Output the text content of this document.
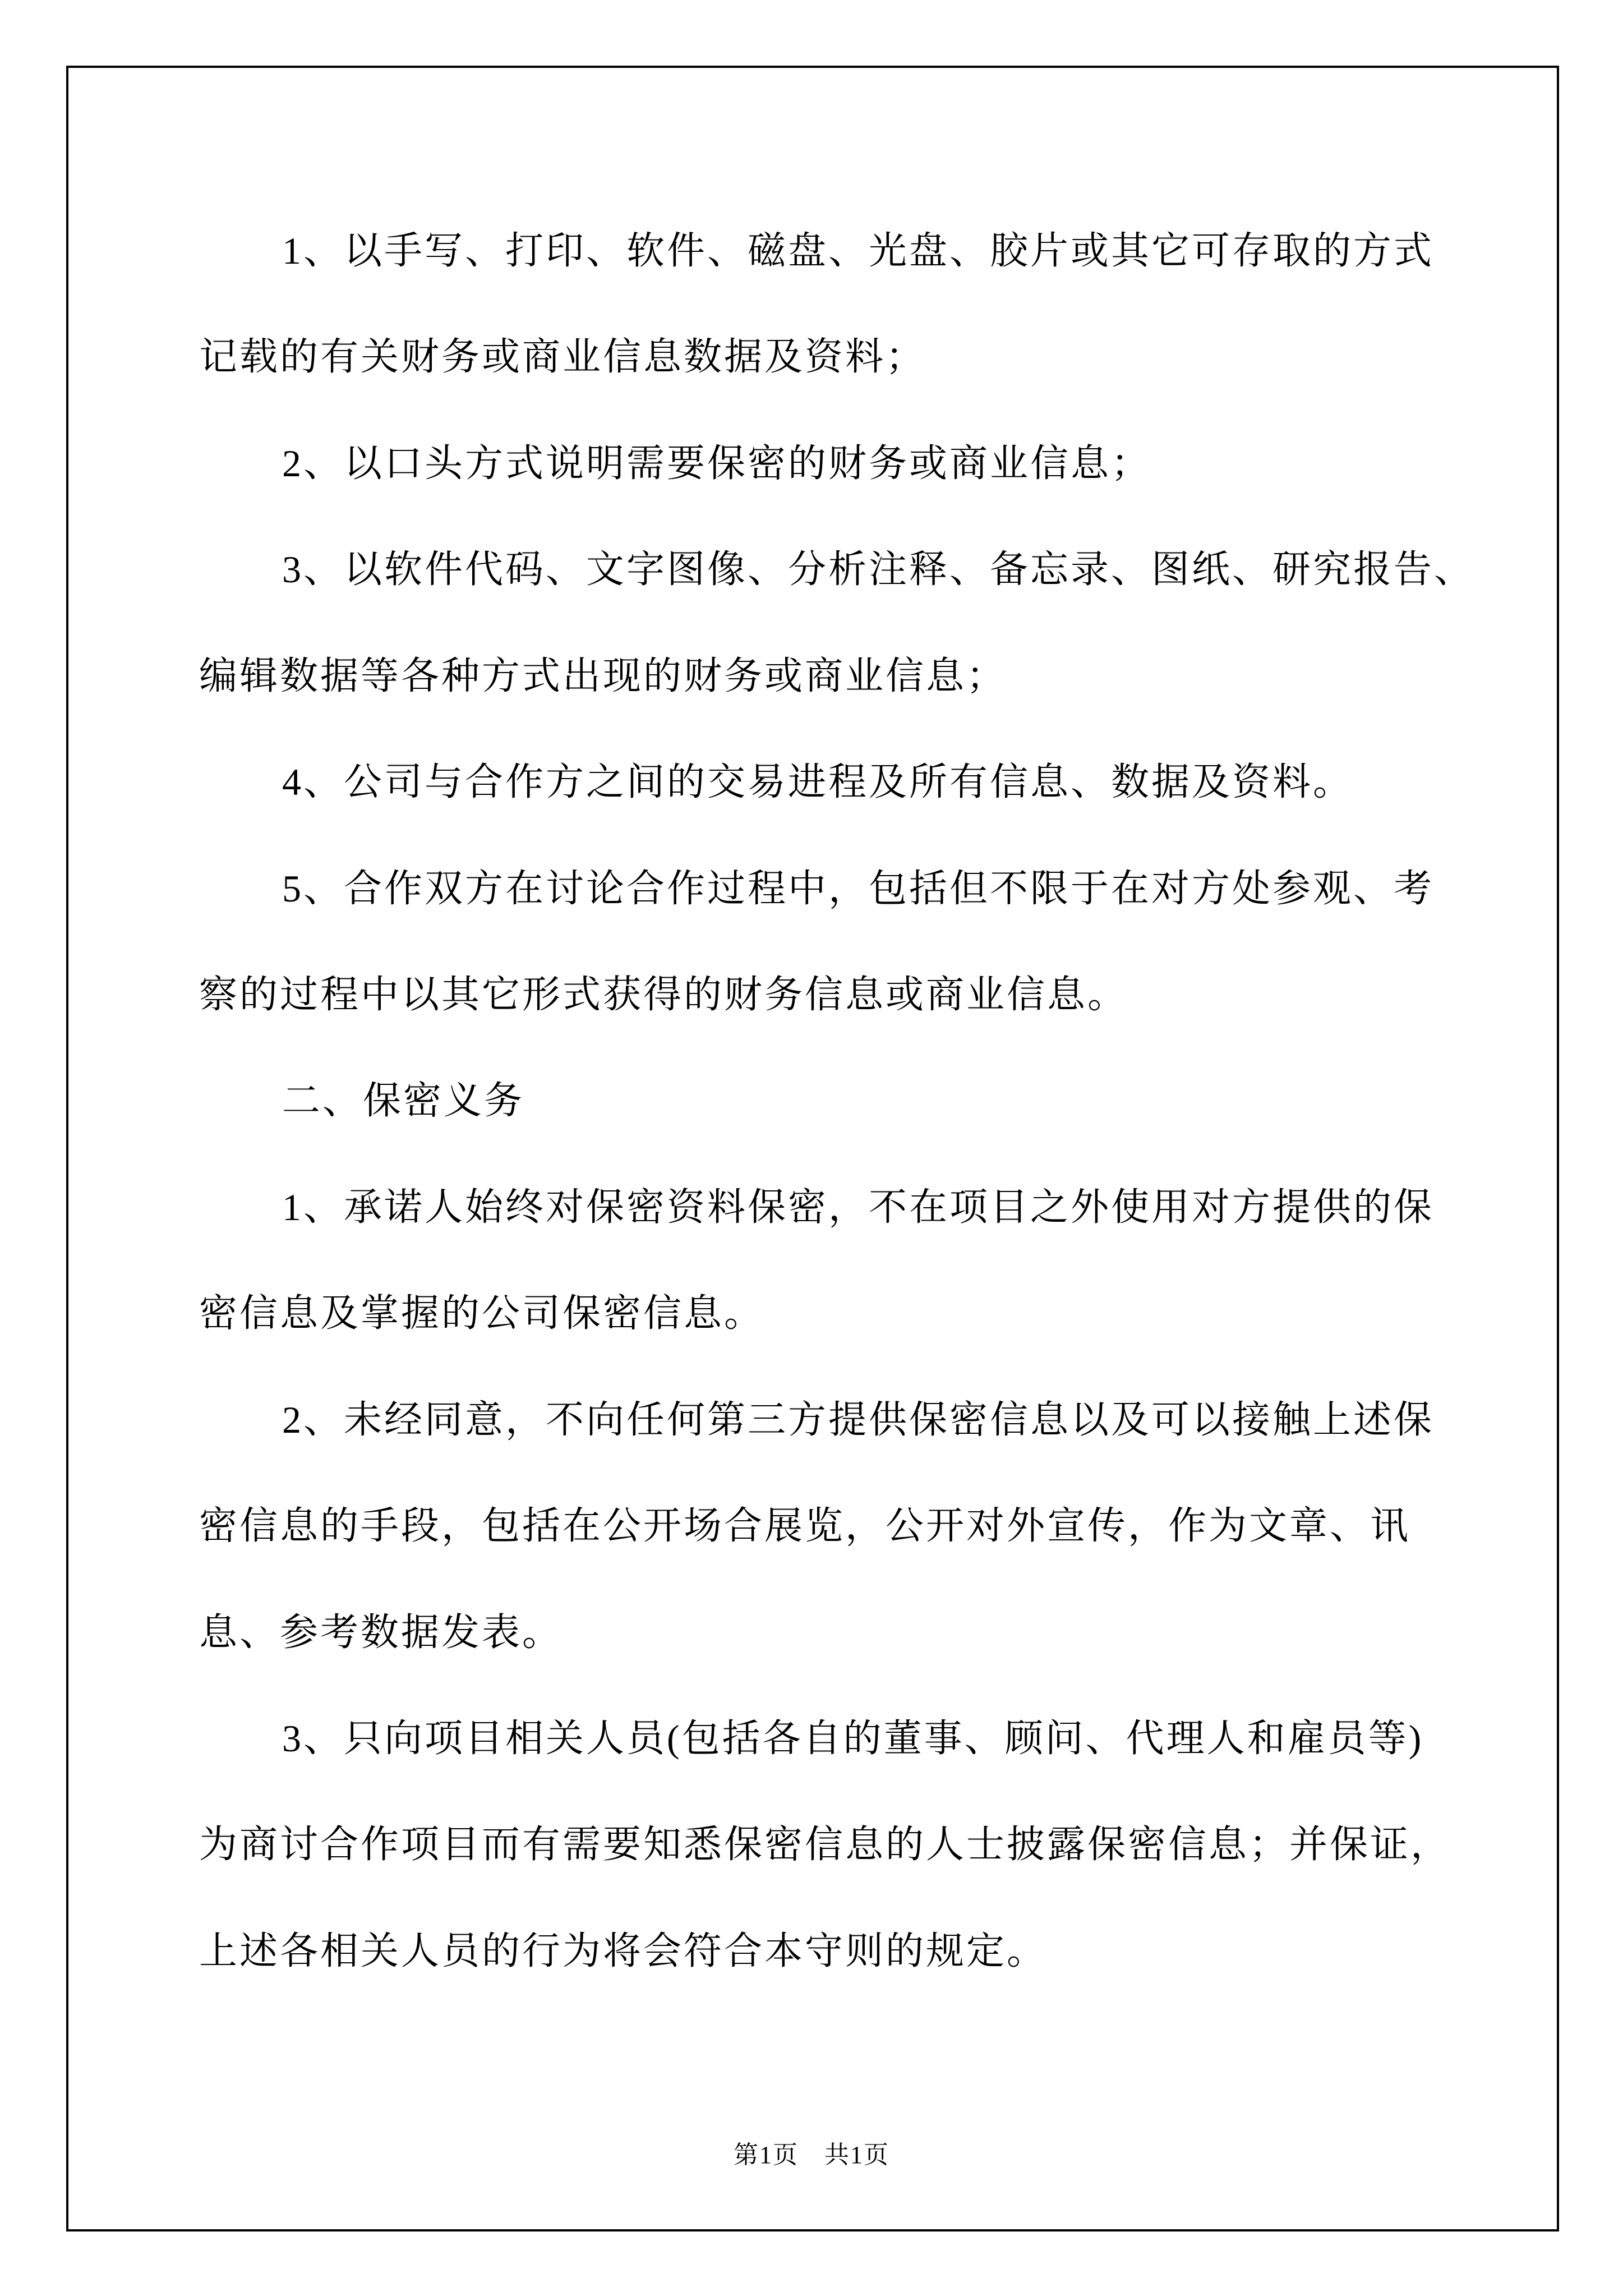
1、以手写、打印、软件、磁盘、光盘、胶片或其它可存取的方式
记载的有关财务或商业信息数据及资料；
2、以口头方式说明需要保密的财务或商业信息；
3、以软件代码、文字图像、分析注释、备忘录、图纸、研究报告、
编辑数据等各种方式出现的财务或商业信息；
4、公司与合作方之间的交易进程及所有信息、数据及资料。
5、合作双方在讨论合作过程中，包括但不限于在对方处参观、考
察的过程中以其它形式获得的财务信息或商业信息。
二、保密义务
1、承诺人始终对保密资料保密，不在项目之外使用对方提供的保
密信息及掌握的公司保密信息。
2、未经同意，不向任何第三方提供保密信息以及可以接触上述保
密信息的手段，包括在公开场合展览，公开对外宣传，作为文章、讯
息、参考数据发表。
3、只向项目相关人员(包括各自的董事、顾问、代理人和雇员等)
为商讨合作项目而有需要知悉保密信息的人士披露保密信息；并保证，
上述各相关人员的行为将会符合本守则的规定。
第1页　共1页
